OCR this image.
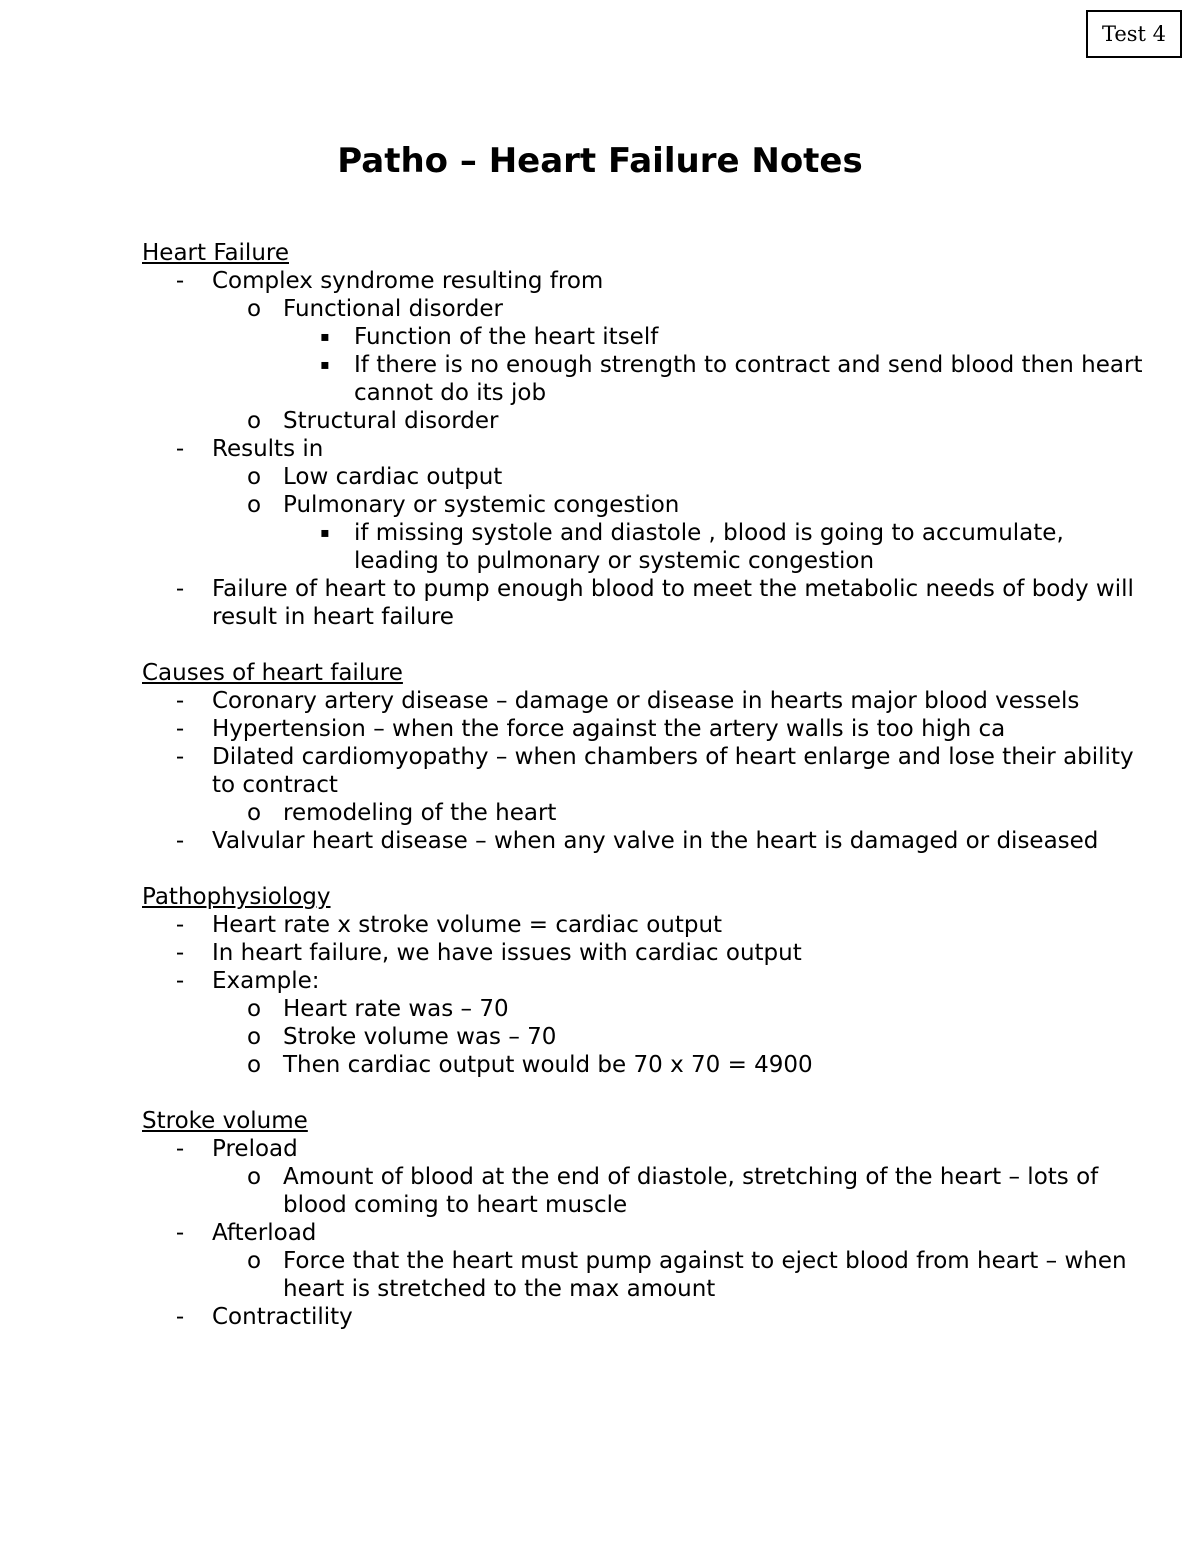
Test 4
Patho – Heart Failure Notes
Heart Failure
- Complex syndrome resulting from
o Functional disorder
▪ Function of the heart itself
▪ If there is no enough strength to contract and send blood then heart cannot do its job
o Structural disorder
- Results in
o Low cardiac output
o Pulmonary or systemic congestion
▪ if missing systole and diastole , blood is going to accumulate, leading to pulmonary or systemic congestion
- Failure of heart to pump enough blood to meet the metabolic needs of body will result in heart failure
Causes of heart failure
- Coronary artery disease – damage or disease in hearts major blood vessels
- Hypertension – when the force against the artery walls is too high ca
- Dilated cardiomyopathy – when chambers of heart enlarge and lose their ability to contract
o remodeling of the heart
- Valvular heart disease – when any valve in the heart is damaged or diseased
Pathophysiology
- Heart rate x stroke volume = cardiac output
- In heart failure, we have issues with cardiac output
- Example:
o Heart rate was – 70
o Stroke volume was – 70
o Then cardiac output would be 70 x 70 = 4900
Stroke volume
- Preload
o Amount of blood at the end of diastole, stretching of the heart – lots of blood coming to heart muscle
- Afterload
o Force that the heart must pump against to eject blood from heart – when heart is stretched to the max amount
- Contractility
